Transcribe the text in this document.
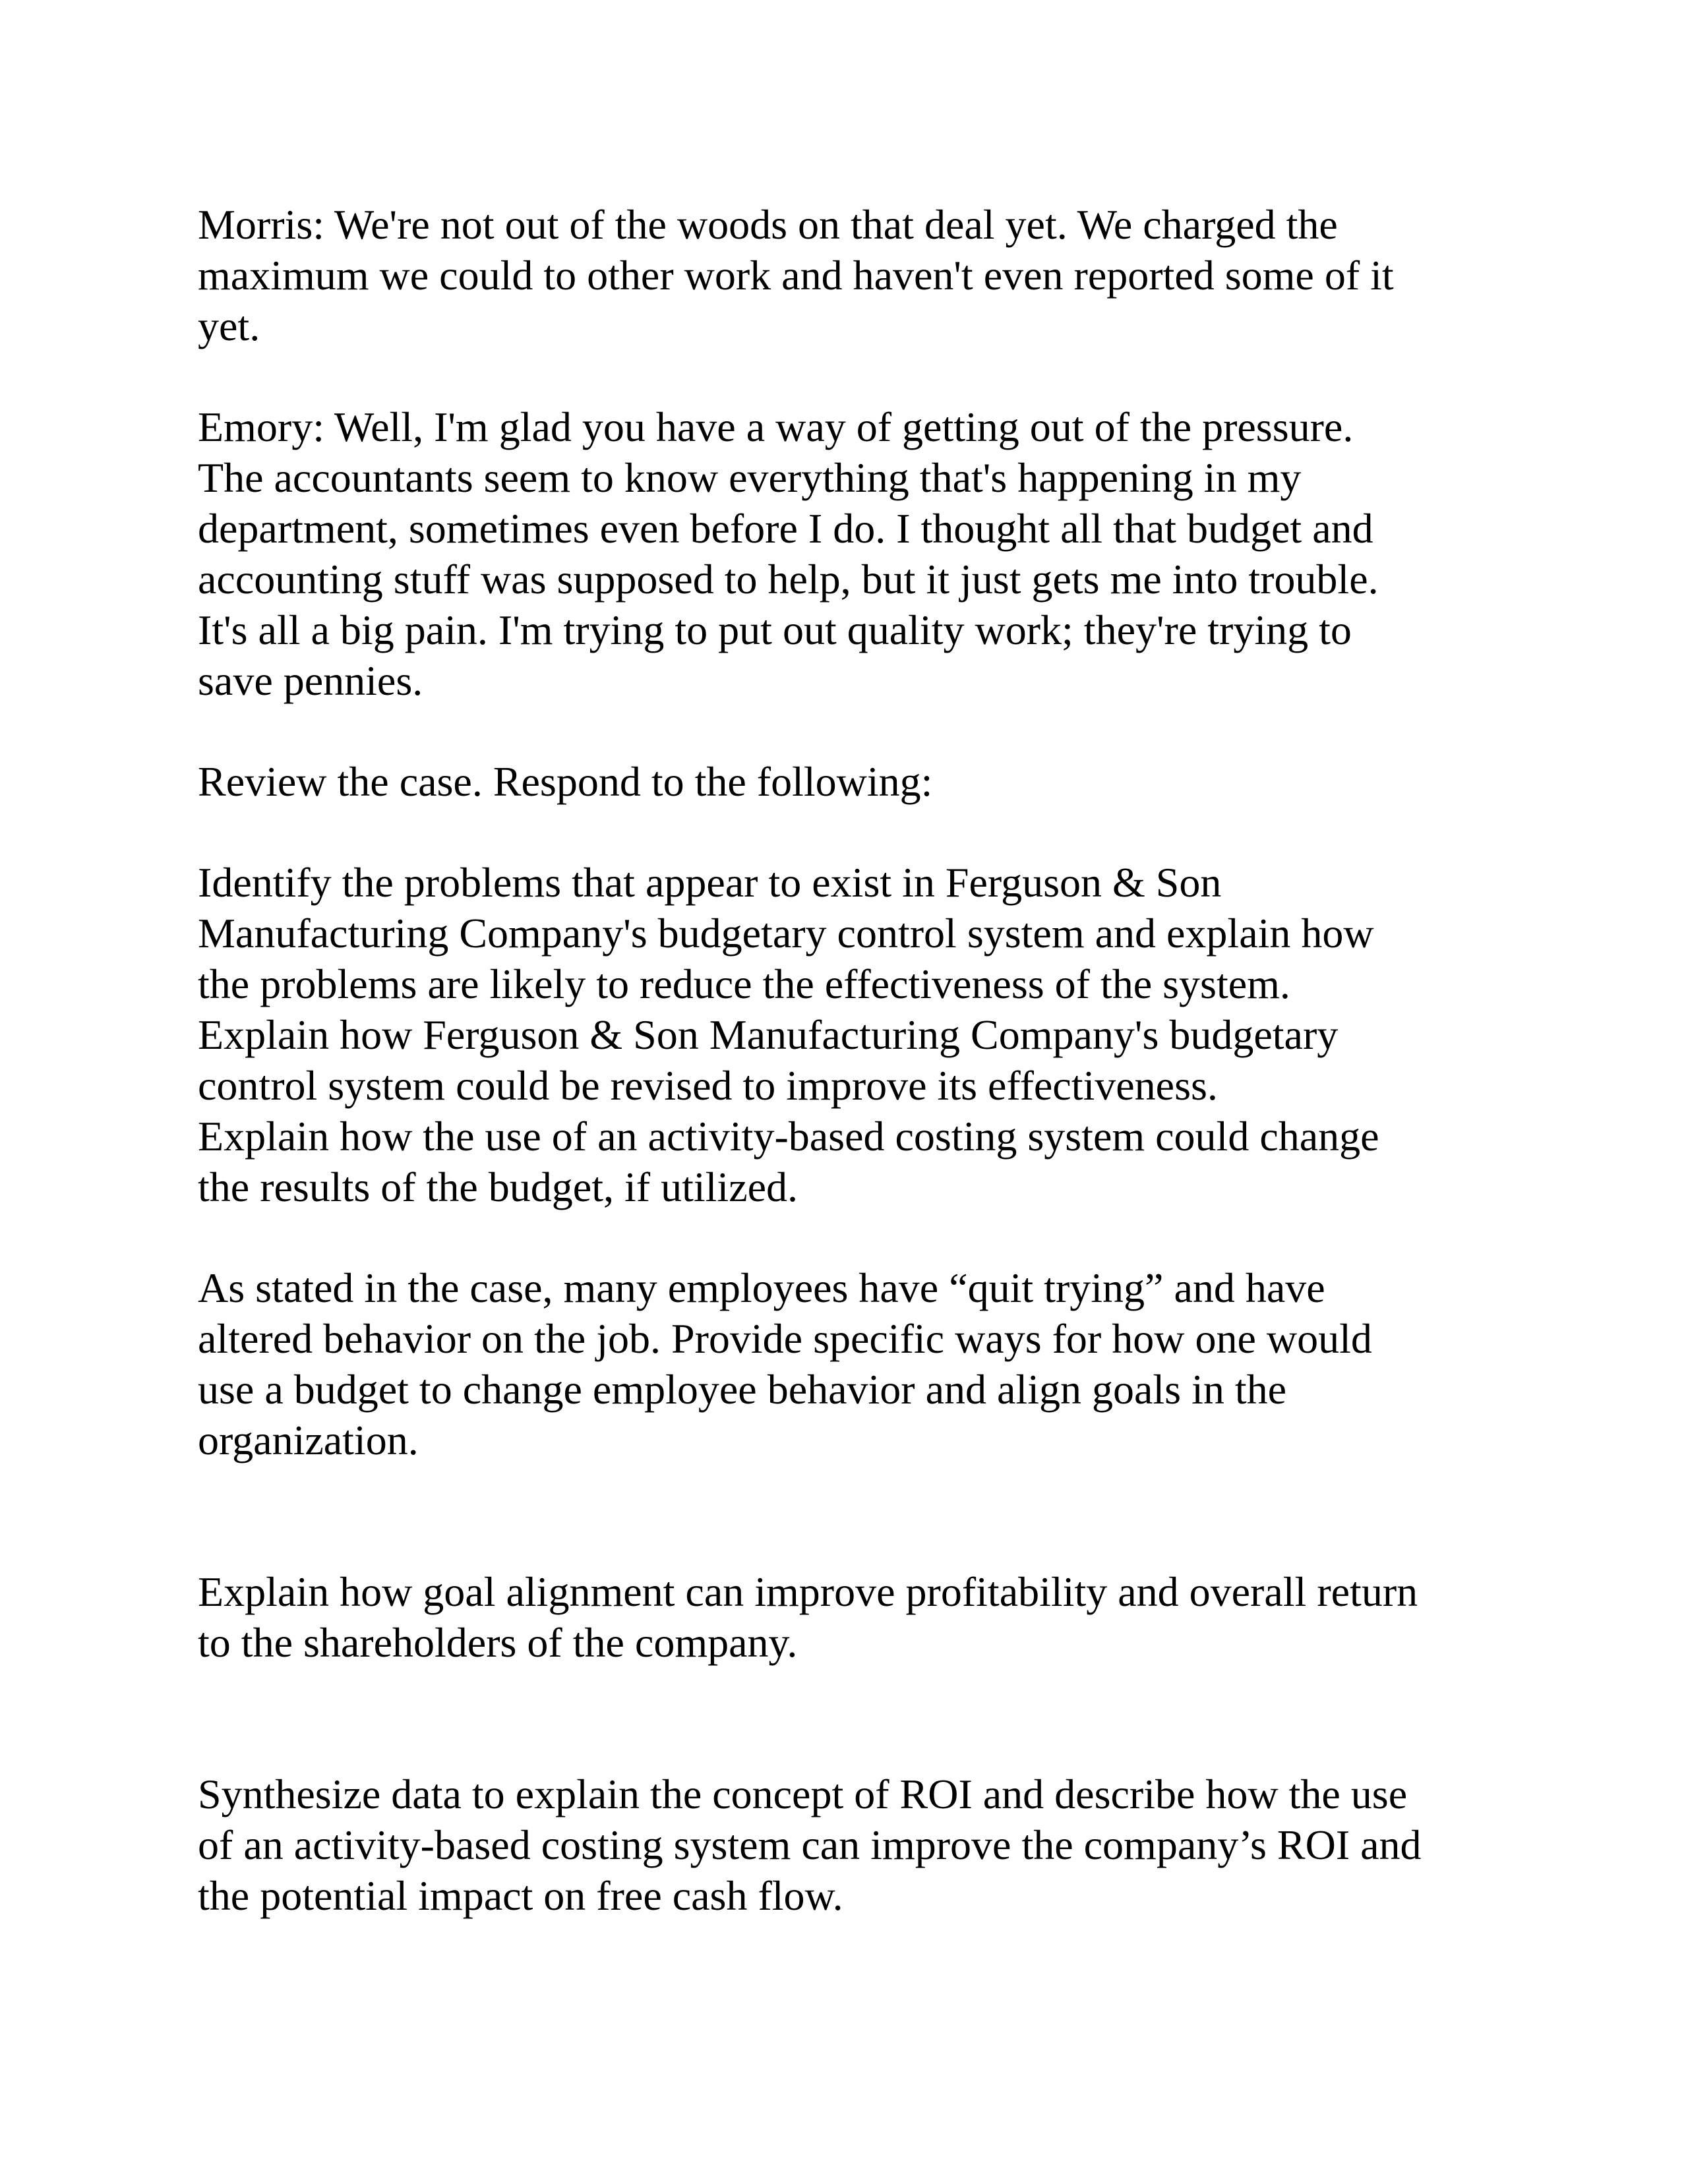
Morris: We're not out of the woods on that deal yet. We charged the

maximum we could to other work and haven't even reported some of it

yet.

Emory: Well, I'm glad you have a way of getting out of the pressure.

The accountants seem to know everything that's happening in my

department, sometimes even before I do. I thought all that budget and

accounting stuff was supposed to help, but it just gets me into trouble.

It's all a big pain. I'm trying to put out quality work; they're trying to

save pennies.

Review the case. Respond to the following:

Identify the problems that appear to exist in Ferguson & Son

Manufacturing Company's budgetary control system and explain how

the problems are likely to reduce the effectiveness of the system.

Explain how Ferguson & Son Manufacturing Company's budgetary

control system could be revised to improve its effectiveness.

Explain how the use of an activity-based costing system could change

the results of the budget, if utilized.

As stated in the case, many employees have “quit trying” and have

altered behavior on the job. Provide specific ways for how one would

use a budget to change employee behavior and align goals in the

organization.

Explain how goal alignment can improve profitability and overall return

to the shareholders of the company.

Synthesize data to explain the concept of ROI and describe how the use

of an activity-based costing system can improve the company’s ROI and

the potential impact on free cash flow.
